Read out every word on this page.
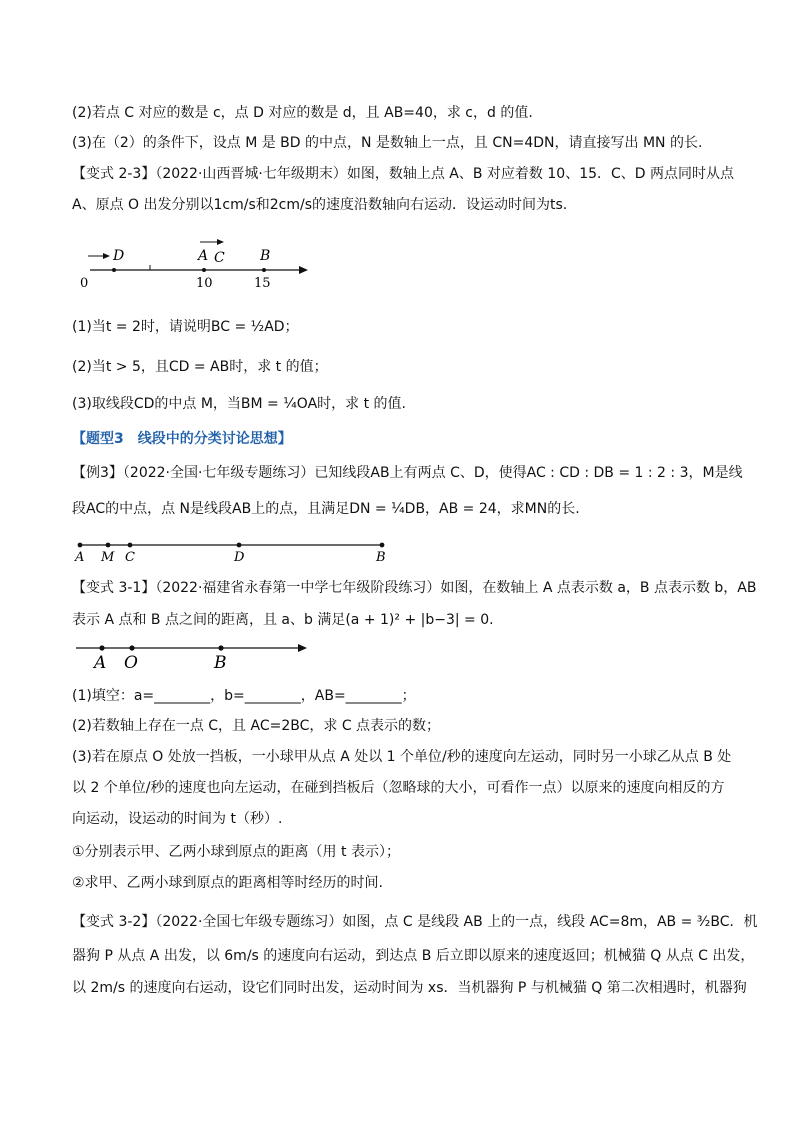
(2)若点 C 对应的数是 c，点 D 对应的数是 d，且 AB=40，求 c，d 的值.
(3)在（2）的条件下，设点 M 是 BD 的中点，N 是数轴上一点，且 CN=4DN，请直接写出 MN 的长.
【变式 2-3】（2022·山西晋城·七年级期末）如图，数轴上点 A、B 对应着数 10、15．C、D 两点同时从点
A、原点 O 出发分别以1cm/s和2cm/s的速度沿数轴向右运动．设运动时间为ts.
D	A C	B
0	10	15
(1)当t = 2时，请说明BC = ½AD；
(2)当t > 5，且CD = AB时，求 t 的值；
(3)取线段CD的中点 M，当BM = ¼OA时，求 t 的值.
【题型3　线段中的分类讨论思想】
【例3】（2022·全国·七年级专题练习）已知线段AB上有两点 C、D，使得AC : CD : DB = 1 : 2 : 3，M是线
段AC的中点，点 N是线段AB上的点，且满足DN = ¼DB，AB = 24，求MN的长.
A M C	D	B
【变式 3-1】（2022·福建省永春第一中学七年级阶段练习）如图，在数轴上 A 点表示数 a，B 点表示数 b，AB
表示 A 点和 B 点之间的距离，且 a、b 满足(a + 1)² + |b−3| = 0.
A O	B
(1)填空：a=________，b=________，AB=________；
(2)若数轴上存在一点 C，且 AC=2BC，求 C 点表示的数；
(3)若在原点 O 处放一挡板，一小球甲从点 A 处以 1 个单位/秒的速度向左运动，同时另一小球乙从点 B 处
以 2 个单位/秒的速度也向左运动，在碰到挡板后（忽略球的大小，可看作一点）以原来的速度向相反的方
向运动，设运动的时间为 t（秒）.
①分别表示甲、乙两小球到原点的距离（用 t 表示）；
②求甲、乙两小球到原点的距离相等时经历的时间.
【变式 3-2】（2022·全国七年级专题练习）如图，点 C 是线段 AB 上的一点，线段 AC=8m，AB = ³⁄₂BC．机
器狗 P 从点 A 出发，以 6m/s 的速度向右运动，到达点 B 后立即以原来的速度返回；机械猫 Q 从点 C 出发，
以 2m/s 的速度向右运动，设它们同时出发，运动时间为 xs．当机器狗 P 与机械猫 Q 第二次相遇时，机器狗
